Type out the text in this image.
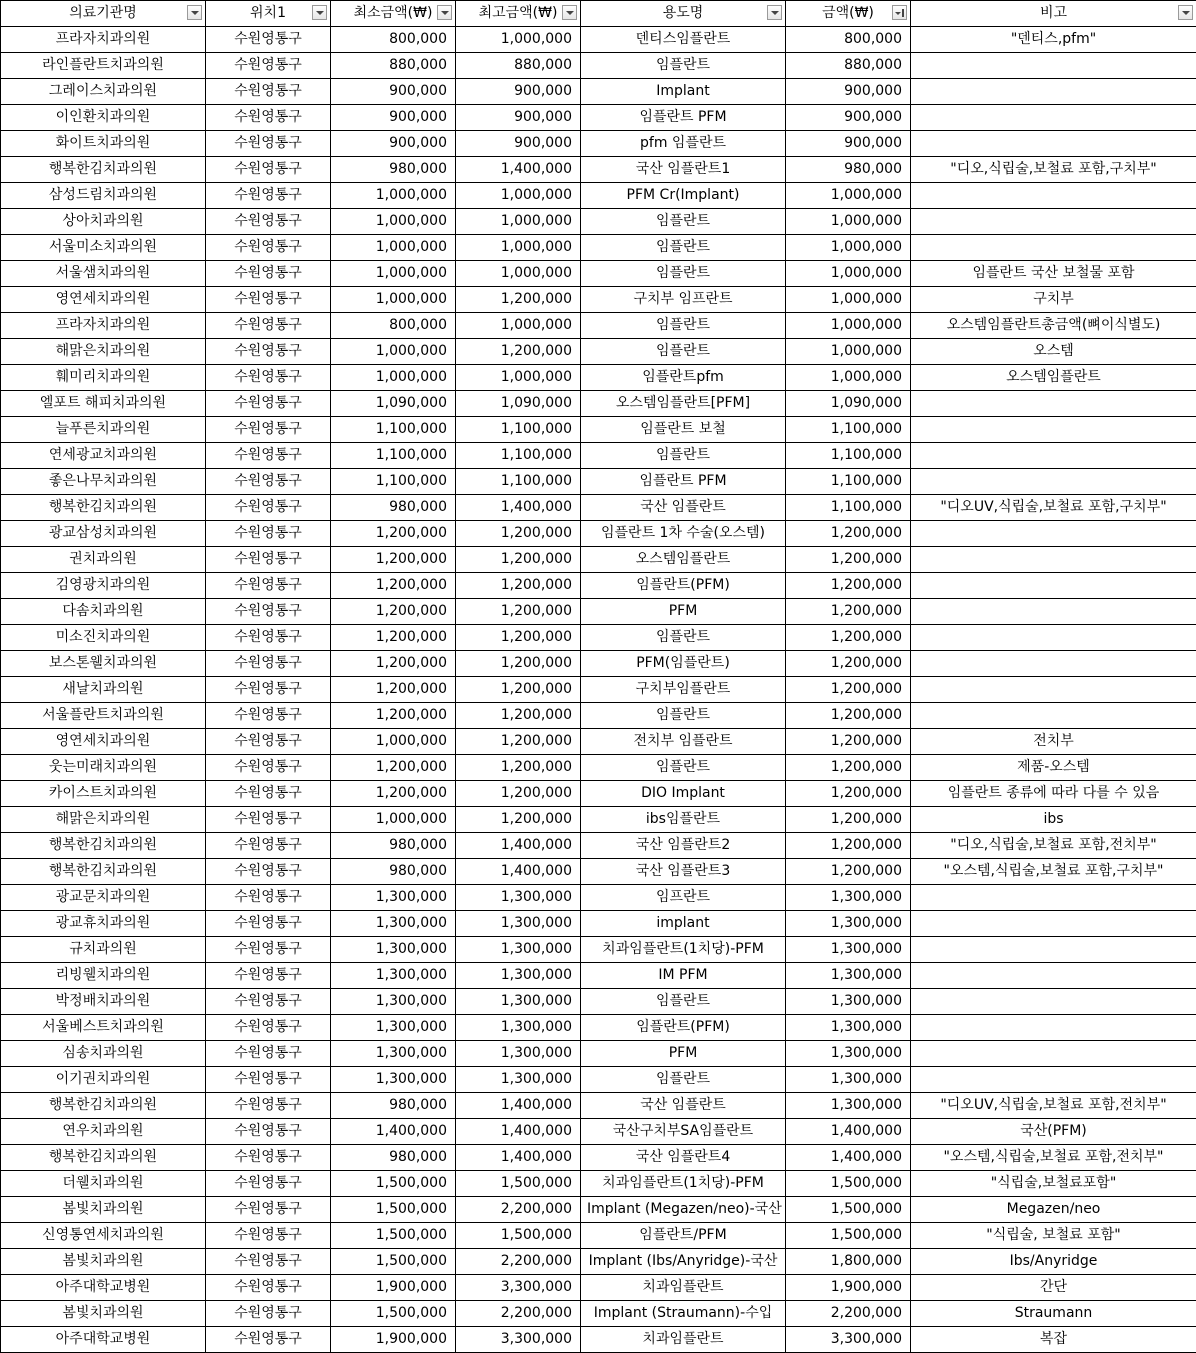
의료기관명	위치1	최소금액(₩)	최고금액(₩)	용도명	금액(₩)	비고

프라자치과의원	수원영통구	800,000	1,000,000	덴티스임플란트	800,000	"덴티스,pfm"
라인플란트치과의원	수원영통구	880,000	880,000	임플란트	880,000	
그레이스치과의원	수원영통구	900,000	900,000	Implant	900,000	
이인환치과의원	수원영통구	900,000	900,000	임플란트 PFM	900,000	
화이트치과의원	수원영통구	900,000	900,000	pfm 임플란트	900,000	
행복한김치과의원	수원영통구	980,000	1,400,000	국산 임플란트1	980,000	"디오,식립술,보철료 포함,구치부"
삼성드림치과의원	수원영통구	1,000,000	1,000,000	PFM Cr(Implant)	1,000,000	
상아치과의원	수원영통구	1,000,000	1,000,000	임플란트	1,000,000	
서울미소치과의원	수원영통구	1,000,000	1,000,000	임플란트	1,000,000	
서울샘치과의원	수원영통구	1,000,000	1,000,000	임플란트	1,000,000	임플란트 국산 보철물 포함
영연세치과의원	수원영통구	1,000,000	1,200,000	구치부 임프란트	1,000,000	구치부
프라자치과의원	수원영통구	800,000	1,000,000	임플란트	1,000,000	오스템임플란트총금액(뼈이식별도)
해맑은치과의원	수원영통구	1,000,000	1,200,000	임플란트	1,000,000	오스템
훼미리치과의원	수원영통구	1,000,000	1,000,000	임플란트pfm	1,000,000	오스템임플란트
엘포트 해피치과의원	수원영통구	1,090,000	1,090,000	오스템임플란트[PFM]	1,090,000	
늘푸른치과의원	수원영통구	1,100,000	1,100,000	임플란트 보철	1,100,000	
연세광교치과의원	수원영통구	1,100,000	1,100,000	임플란트	1,100,000	
좋은나무치과의원	수원영통구	1,100,000	1,100,000	임플란트 PFM	1,100,000	
행복한김치과의원	수원영통구	980,000	1,400,000	국산 임플란트	1,100,000	"디오UV,식립술,보철료 포함,구치부"
광교삼성치과의원	수원영통구	1,200,000	1,200,000	임플란트 1차 수술(오스템)	1,200,000	
권치과의원	수원영통구	1,200,000	1,200,000	오스템임플란트	1,200,000	
김영광치과의원	수원영통구	1,200,000	1,200,000	임플란트(PFM)	1,200,000	
다솜치과의원	수원영통구	1,200,000	1,200,000	PFM	1,200,000	
미소진치과의원	수원영통구	1,200,000	1,200,000	임플란트	1,200,000	
보스톤웰치과의원	수원영통구	1,200,000	1,200,000	PFM(임플란트)	1,200,000	
새날치과의원	수원영통구	1,200,000	1,200,000	구치부임플란트	1,200,000	
서울플란트치과의원	수원영통구	1,200,000	1,200,000	임플란트	1,200,000	
영연세치과의원	수원영통구	1,000,000	1,200,000	전치부 임플란트	1,200,000	전치부
웃는미래치과의원	수원영통구	1,200,000	1,200,000	임플란트	1,200,000	제품-오스템
카이스트치과의원	수원영통구	1,200,000	1,200,000	DIO Implant	1,200,000	임플란트 종류에 따라 다를 수 있음
해맑은치과의원	수원영통구	1,000,000	1,200,000	ibs임플란트	1,200,000	ibs
행복한김치과의원	수원영통구	980,000	1,400,000	국산 임플란트2	1,200,000	"디오,식립술,보철료 포함,전치부"
행복한김치과의원	수원영통구	980,000	1,400,000	국산 임플란트3	1,200,000	"오스템,식립술,보철료 포함,구치부"
광교문치과의원	수원영통구	1,300,000	1,300,000	임프란트	1,300,000	
광교휴치과의원	수원영통구	1,300,000	1,300,000	implant	1,300,000	
규치과의원	수원영통구	1,300,000	1,300,000	치과임플란트(1치당)-PFM	1,300,000	
리빙웰치과의원	수원영통구	1,300,000	1,300,000	IM PFM	1,300,000	
박정배치과의원	수원영통구	1,300,000	1,300,000	임플란트	1,300,000	
서울베스트치과의원	수원영통구	1,300,000	1,300,000	임플란트(PFM)	1,300,000	
심송치과의원	수원영통구	1,300,000	1,300,000	PFM	1,300,000	
이기권치과의원	수원영통구	1,300,000	1,300,000	임플란트	1,300,000	
행복한김치과의원	수원영통구	980,000	1,400,000	국산 임플란트	1,300,000	"디오UV,식립술,보철료 포함,전치부"
연우치과의원	수원영통구	1,400,000	1,400,000	국산구치부SA임플란트	1,400,000	국산(PFM)
행복한김치과의원	수원영통구	980,000	1,400,000	국산 임플란트4	1,400,000	"오스템,식립술,보철료 포함,전치부"
더웰치과의원	수원영통구	1,500,000	1,500,000	치과임플란트(1치당)-PFM	1,500,000	"식립술,보철료포함"
봄빛치과의원	수원영통구	1,500,000	2,200,000	Implant (Megazen/neo)-국산	1,500,000	Megazen/neo
신영통연세치과의원	수원영통구	1,500,000	1,500,000	임플란트/PFM	1,500,000	"식립술, 보철료 포함"
봄빛치과의원	수원영통구	1,500,000	2,200,000	Implant (Ibs/Anyridge)-국산	1,800,000	Ibs/Anyridge
아주대학교병원	수원영통구	1,900,000	3,300,000	치과임플란트	1,900,000	간단
봄빛치과의원	수원영통구	1,500,000	2,200,000	Implant (Straumann)-수입	2,200,000	Straumann
아주대학교병원	수원영통구	1,900,000	3,300,000	치과임플란트	3,300,000	복잡
